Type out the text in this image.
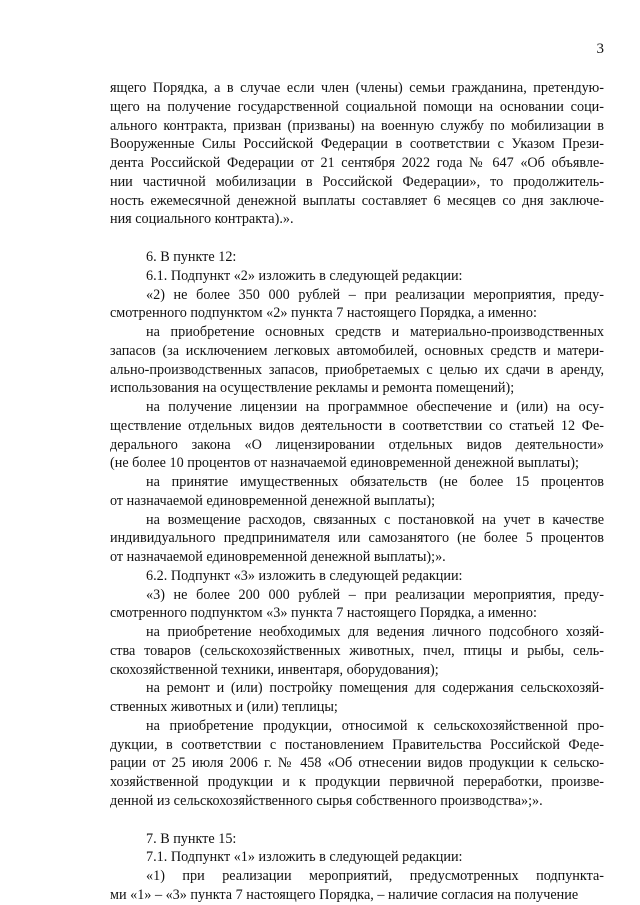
3
ящего Порядка, а в случае если член (члены) семьи гражданина, претендую-
щего на получение государственной социальной помощи на основании соци-
ального контракта, призван (призваны) на военную службу по мобилизации в
Вооруженные Силы Российской Федерации в соответствии с Указом Прези-
дента Российской Федерации от 21 сентября 2022 года № 647 «Об объявле-
нии частичной мобилизации в Российской Федерации», то продолжитель-
ность ежемесячной денежной выплаты составляет 6 месяцев со дня заключе-
ния социального контракта).».
6. В пункте 12:
6.1. Подпункт «2» изложить в следующей редакции:
«2) не более 350 000 рублей – при реализации мероприятия, преду-
смотренного подпунктом «2» пункта 7 настоящего Порядка, а именно:
на приобретение основных средств и материально-производственных
запасов (за исключением легковых автомобилей, основных средств и матери-
ально-производственных запасов, приобретаемых с целью их сдачи в аренду,
использования на осуществление рекламы и ремонта помещений);
на получение лицензии на программное обеспечение и (или) на осу-
ществление отдельных видов деятельности в соответствии со статьей 12 Фе-
дерального закона «О лицензировании отдельных видов деятельности»
(не более 10 процентов от назначаемой единовременной денежной выплаты);
на принятие имущественных обязательств (не более 15 процентов
от назначаемой единовременной денежной выплаты);
на возмещение расходов, связанных с постановкой на учет в качестве
индивидуального предпринимателя или самозанятого (не более 5 процентов
от назначаемой единовременной денежной выплаты);».
6.2. Подпункт «3» изложить в следующей редакции:
«3) не более 200 000 рублей – при реализации мероприятия, преду-
смотренного подпунктом «3» пункта 7 настоящего Порядка, а именно:
на приобретение необходимых для ведения личного подсобного хозяй-
ства товаров (сельскохозяйственных животных, пчел, птицы и рыбы, сель-
скохозяйственной техники, инвентаря, оборудования);
на ремонт и (или) постройку помещения для содержания сельскохозяй-
ственных животных и (или) теплицы;
на приобретение продукции, относимой к сельскохозяйственной про-
дукции, в соответствии с постановлением Правительства Российской Феде-
рации от 25 июля 2006 г. № 458 «Об отнесении видов продукции к сельско-
хозяйственной продукции и к продукции первичной переработки, произве-
денной из сельскохозяйственного сырья собственного производства»;».
7. В пункте 15:
7.1. Подпункт «1» изложить в следующей редакции:
«1) при реализации мероприятий, предусмотренных подпункта-
ми «1» – «3» пункта 7 настоящего Порядка, – наличие согласия на получение
